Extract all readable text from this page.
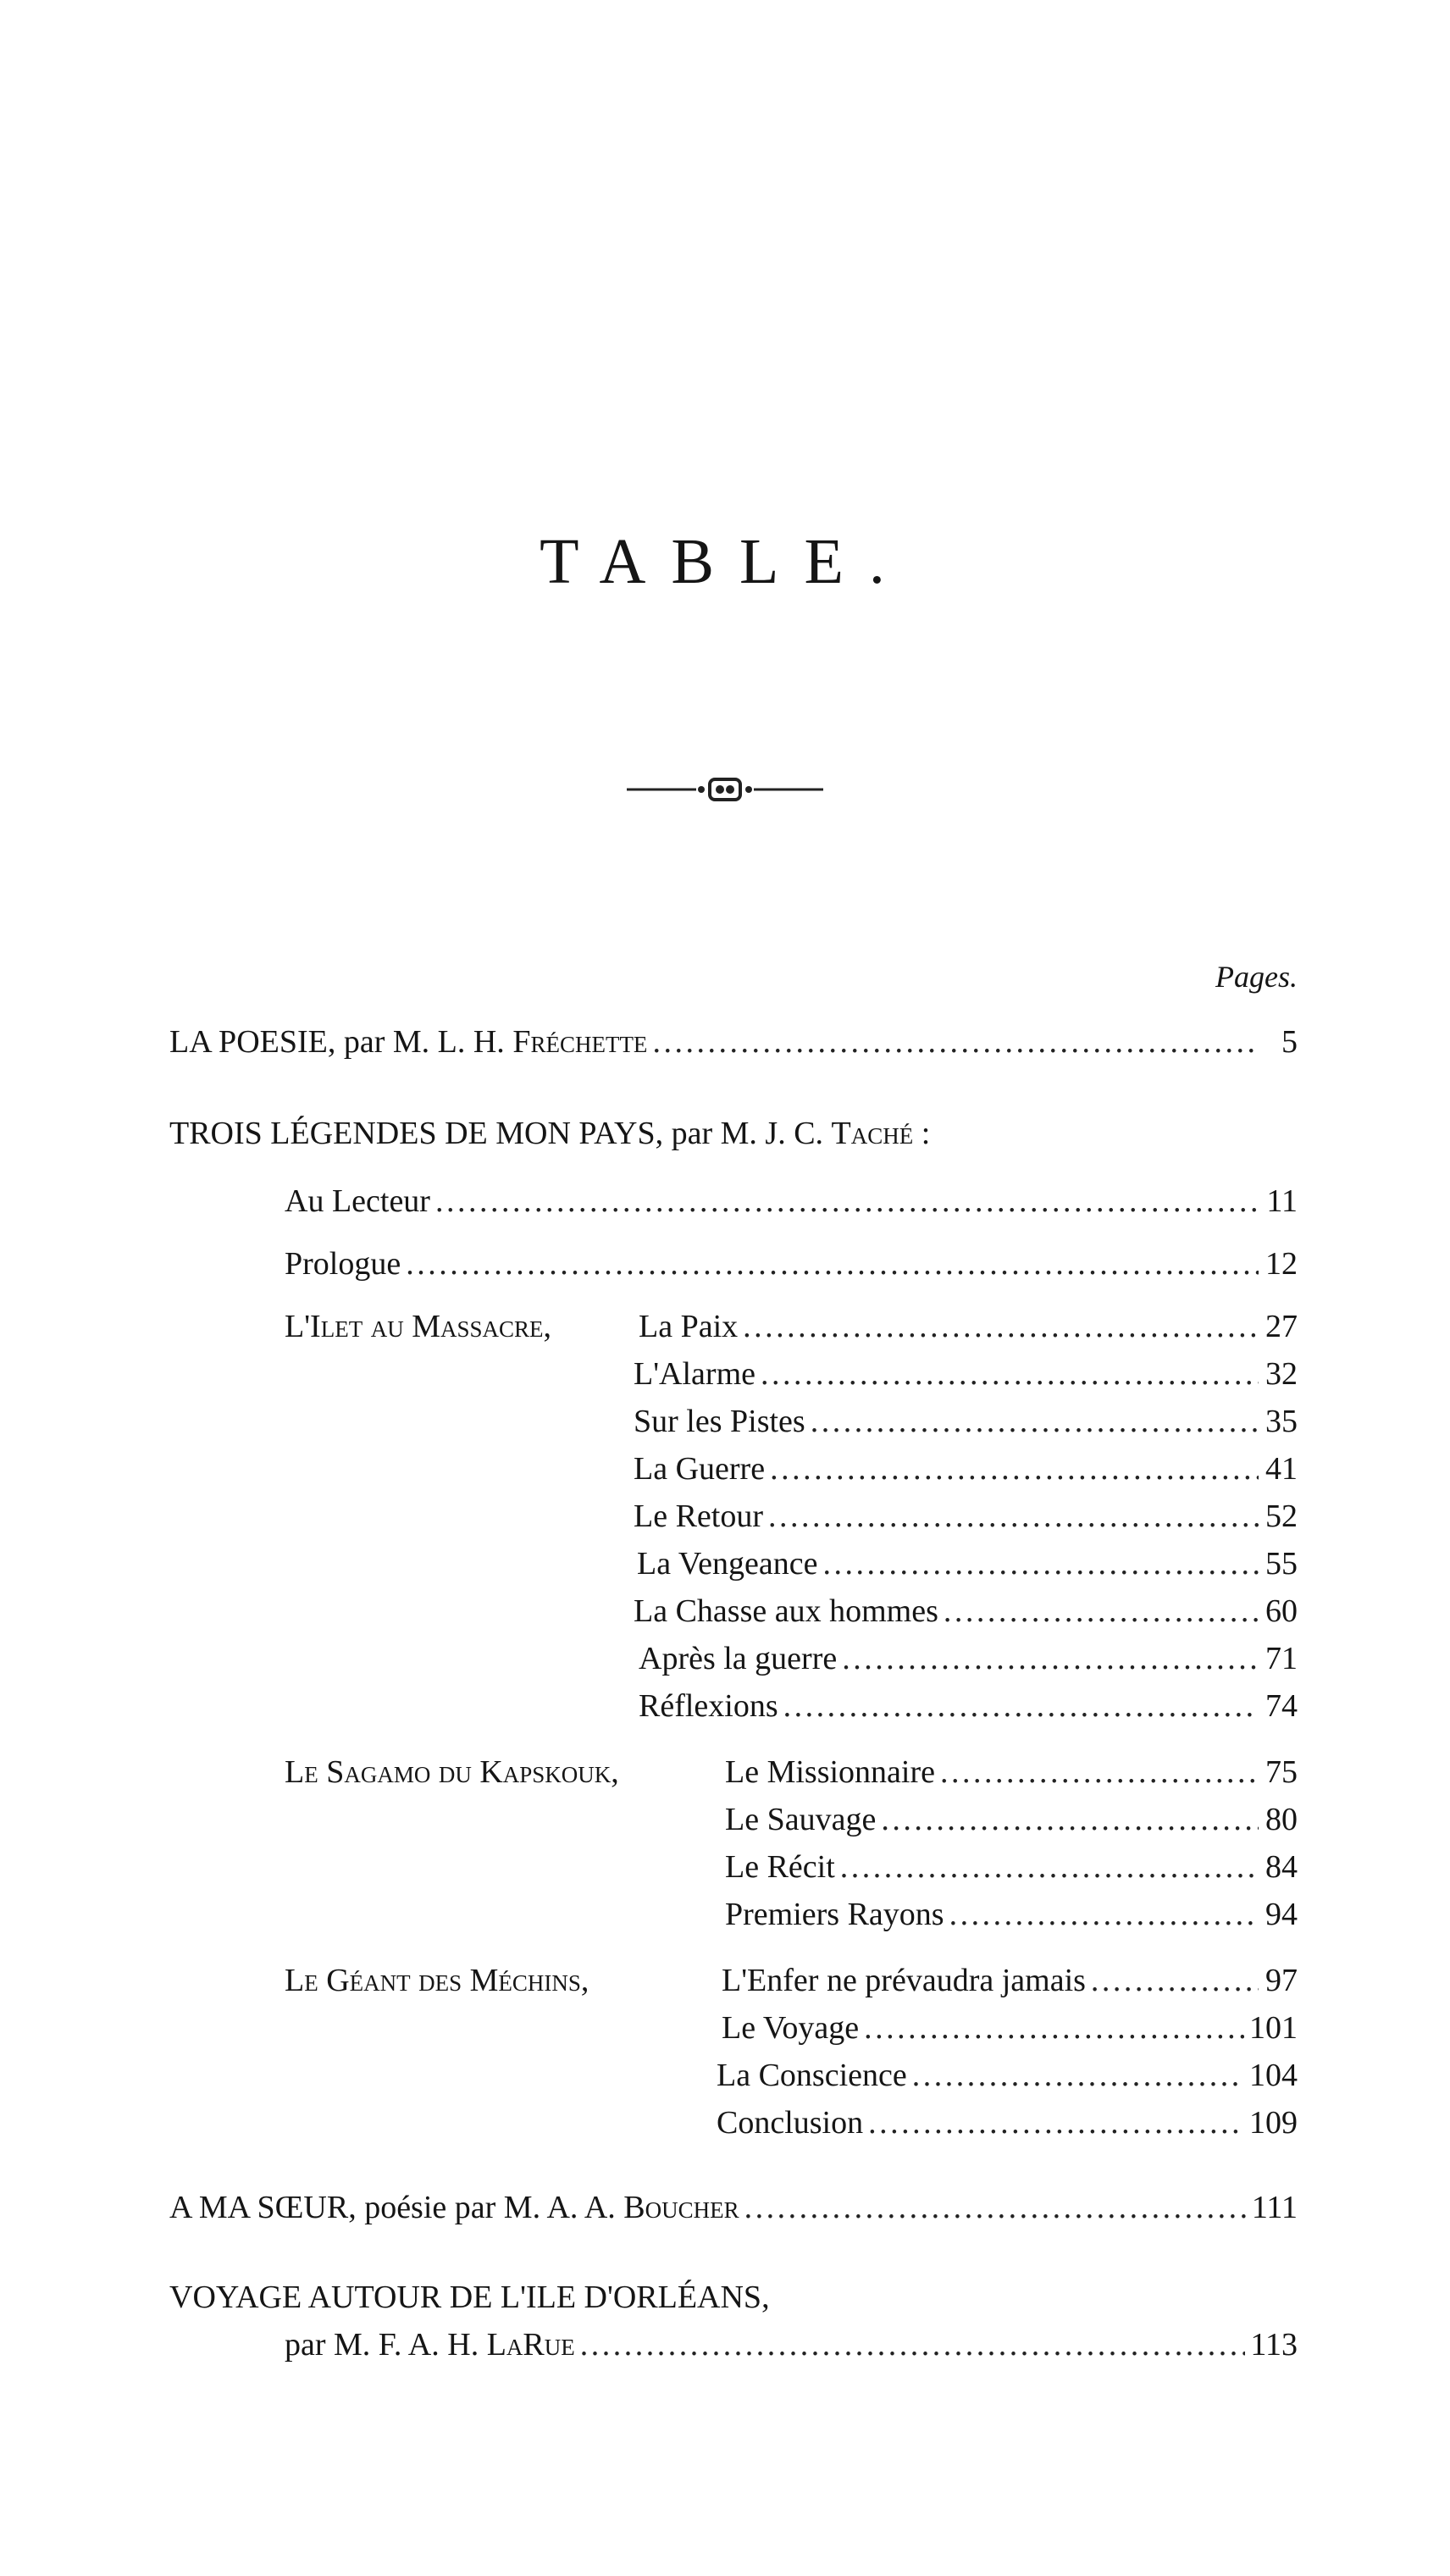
TABLE.
Pages.
LA POESIE, par M. L. H. Fréchette . . .	5
TROIS LÉGENDES DE MON PAYS, par M. J. C. Taché :
Au Lecteur . . .	11
Prologue . . .	12
L'Ilet au Massacre,	La Paix . . .	27
L'Alarme . . .	32
Sur les Pistes . . .	35
La Guerre . . .	41
Le Retour . . .	52
La Vengeance . . .	55
La Chasse aux hommes . . .	60
Après la guerre . . .	71
Réflexions . . .	74
Le Sagamo du Kapskouk,	Le Missionnaire . . .	75
Le Sauvage . . .	80
Le Récit . . .	84
Premiers Rayons . . .	94
Le Géant des Méchins,	L'Enfer ne prévaudra jamais . . .	97
Le Voyage . . .	101
La Conscience . . .	104
Conclusion . . .	109
A MA SŒUR, poésie par M. A. A. Boucher . . .	111
VOYAGE AUTOUR DE L'ILE D'ORLÉANS,
par M. F. A. H. LaRue . . .	113
